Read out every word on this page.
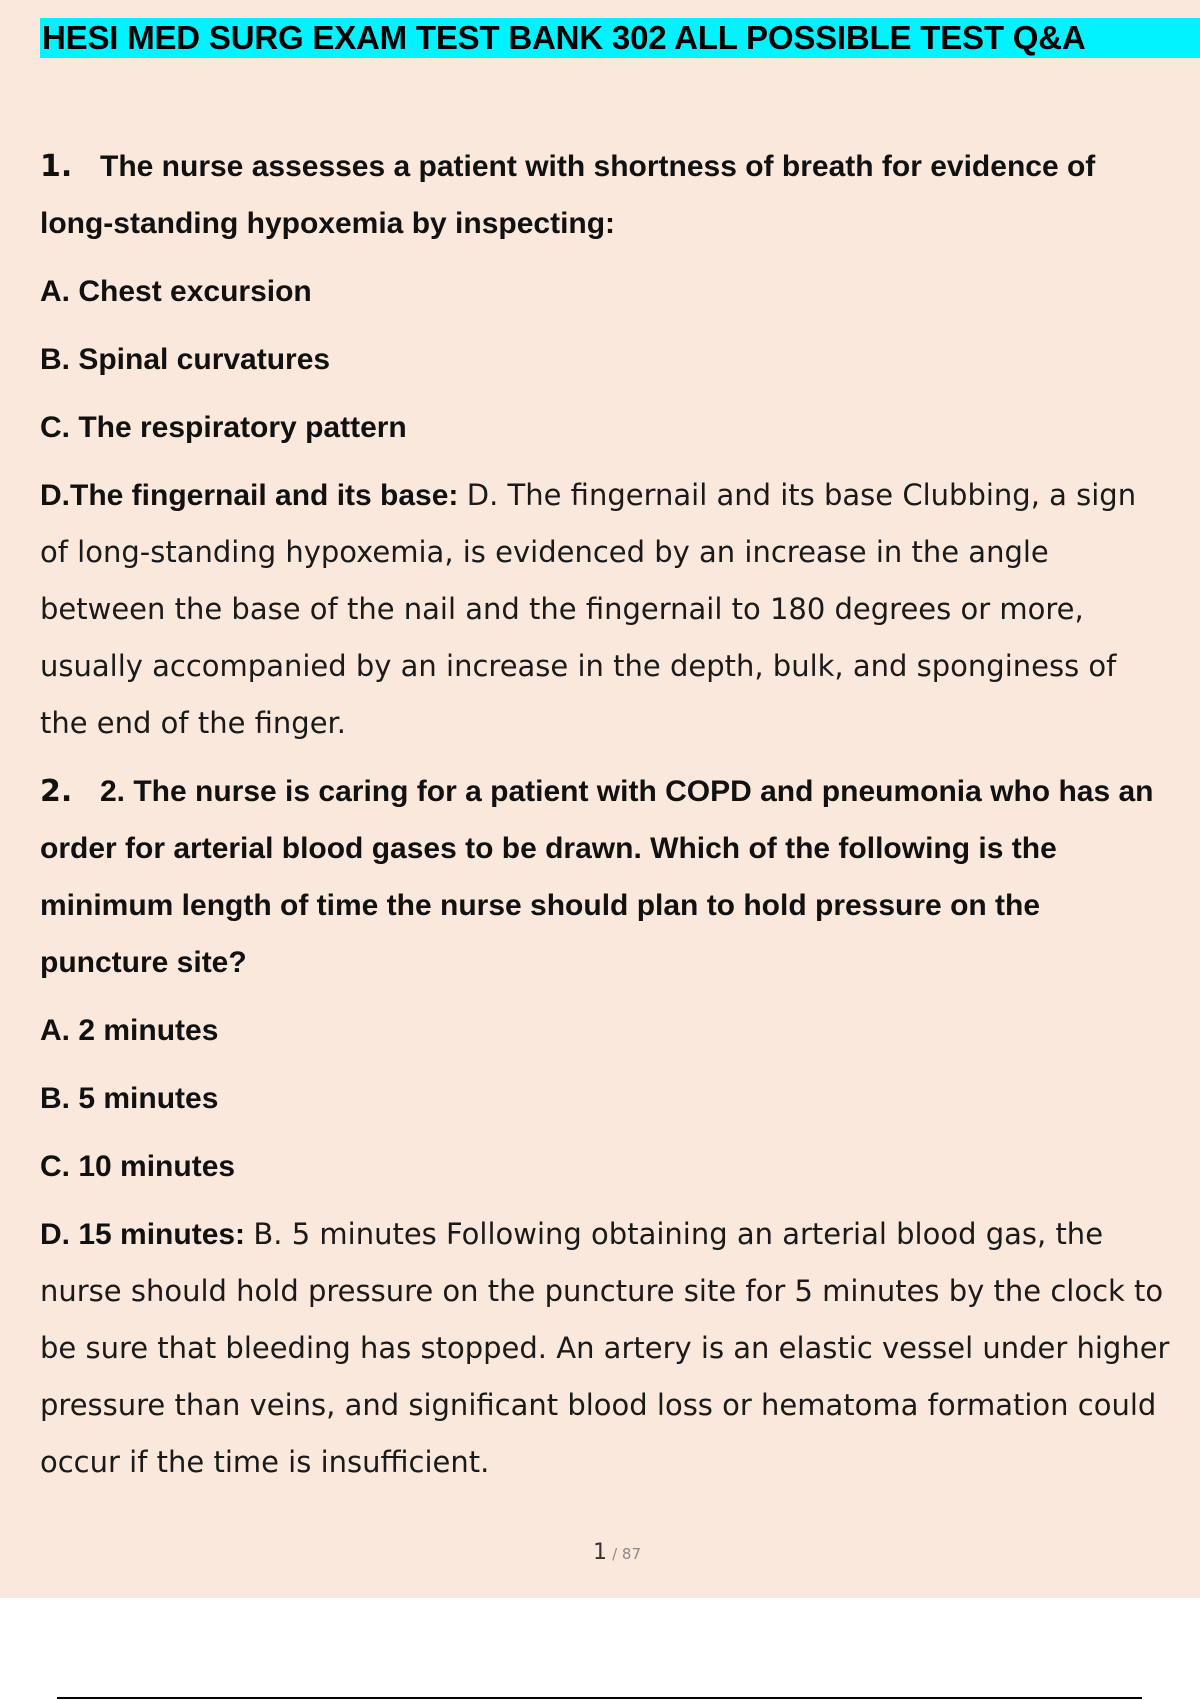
HESI MED SURG EXAM TEST BANK 302 ALL POSSIBLE TEST Q&A
1. The nurse assesses a patient with shortness of breath for evidence of long-standing hypoxemia by inspecting:
A. Chest excursion
B. Spinal curvatures
C. The respiratory pattern
D.The fingernail and its base: D. The fingernail and its base Clubbing, a sign of long-standing hypoxemia, is evidenced by an increase in the angle between the base of the nail and the fingernail to 180 degrees or more, usually accompanied by an increase in the depth, bulk, and sponginess of the end of the finger.
2. 2. The nurse is caring for a patient with COPD and pneumonia who has an order for arterial blood gases to be drawn. Which of the following is the minimum length of time the nurse should plan to hold pressure on the puncture site?
A. 2 minutes
B. 5 minutes
C. 10 minutes
D. 15 minutes: B. 5 minutes Following obtaining an arterial blood gas, the nurse should hold pressure on the puncture site for 5 minutes by the clock to be sure that bleeding has stopped. An artery is an elastic vessel under higher pressure than veins, and significant blood loss or hematoma formation could occur if the time is insufficient.
1 / 87
